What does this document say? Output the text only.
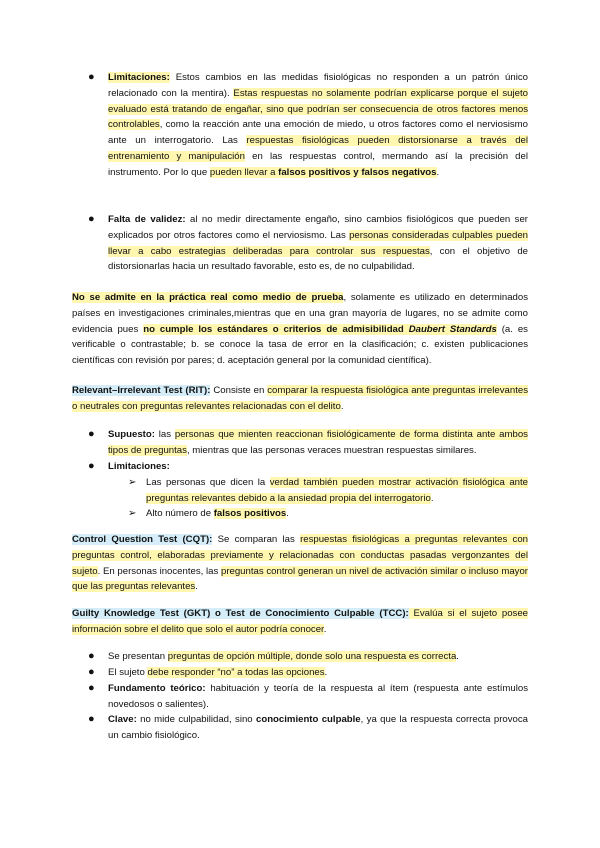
● Limitaciones: Estos cambios en las medidas fisiológicas no responden a un patrón único relacionado con la mentira). Estas respuestas no solamente podrían explicarse porque el sujeto evaluado está tratando de engañar, sino que podrían ser consecuencia de otros factores menos controlables, como la reacción ante una emoción de miedo, u otros factores como el nerviosismo ante un interrogatorio. Las respuestas fisiológicas pueden distorsionarse a través del entrenamiento y manipulación en las respuestas control, mermando así la precisión del instrumento. Por lo que pueden llevar a falsos positivos y falsos negativos.
● Falta de validez: al no medir directamente engaño, sino cambios fisiológicos que pueden ser explicados por otros factores como el nerviosismo. Las personas consideradas culpables pueden llevar a cabo estrategias deliberadas para controlar sus respuestas, con el objetivo de distorsionarlas hacia un resultado favorable, esto es, de no culpabilidad.
No se admite en la práctica real como medio de prueba, solamente es utilizado en determinados países en investigaciones criminales,mientras que en una gran mayoría de lugares, no se admite como evidencia pues no cumple los estándares o criterios de admisibilidad Daubert Standards (a. es verificable o contrastable; b. se conoce la tasa de error en la clasificación; c. existen publicaciones científicas con revisión por pares; d. aceptación general por la comunidad científica).
Relevant–Irrelevant Test (RIT): Consiste en comparar la respuesta fisiológica ante preguntas irrelevantes o neutrales con preguntas relevantes relacionadas con el delito.
● Supuesto: las personas que mienten reaccionan fisiológicamente de forma distinta ante ambos tipos de preguntas, mientras que las personas veraces muestran respuestas similares.
● Limitaciones:
➢ Las personas que dicen la verdad también pueden mostrar activación fisiológica ante preguntas relevantes debido a la ansiedad propia del interrogatorio.
➢ Alto número de falsos positivos.
Control Question Test (CQT): Se comparan las respuestas fisiológicas a preguntas relevantes con preguntas control, elaboradas previamente y relacionadas con conductas pasadas vergonzantes del sujeto. En personas inocentes, las preguntas control generan un nivel de activación similar o incluso mayor que las preguntas relevantes.
Guilty Knowledge Test (GKT) o Test de Conocimiento Culpable (TCC): Evalúa si el sujeto posee información sobre el delito que solo el autor podría conocer.
● Se presentan preguntas de opción múltiple, donde solo una respuesta es correcta.
● El sujeto debe responder “no” a todas las opciones.
● Fundamento teórico: habituación y teoría de la respuesta al ítem (respuesta ante estímulos novedosos o salientes).
● Clave: no mide culpabilidad, sino conocimiento culpable, ya que la respuesta correcta provoca un cambio fisiológico.
